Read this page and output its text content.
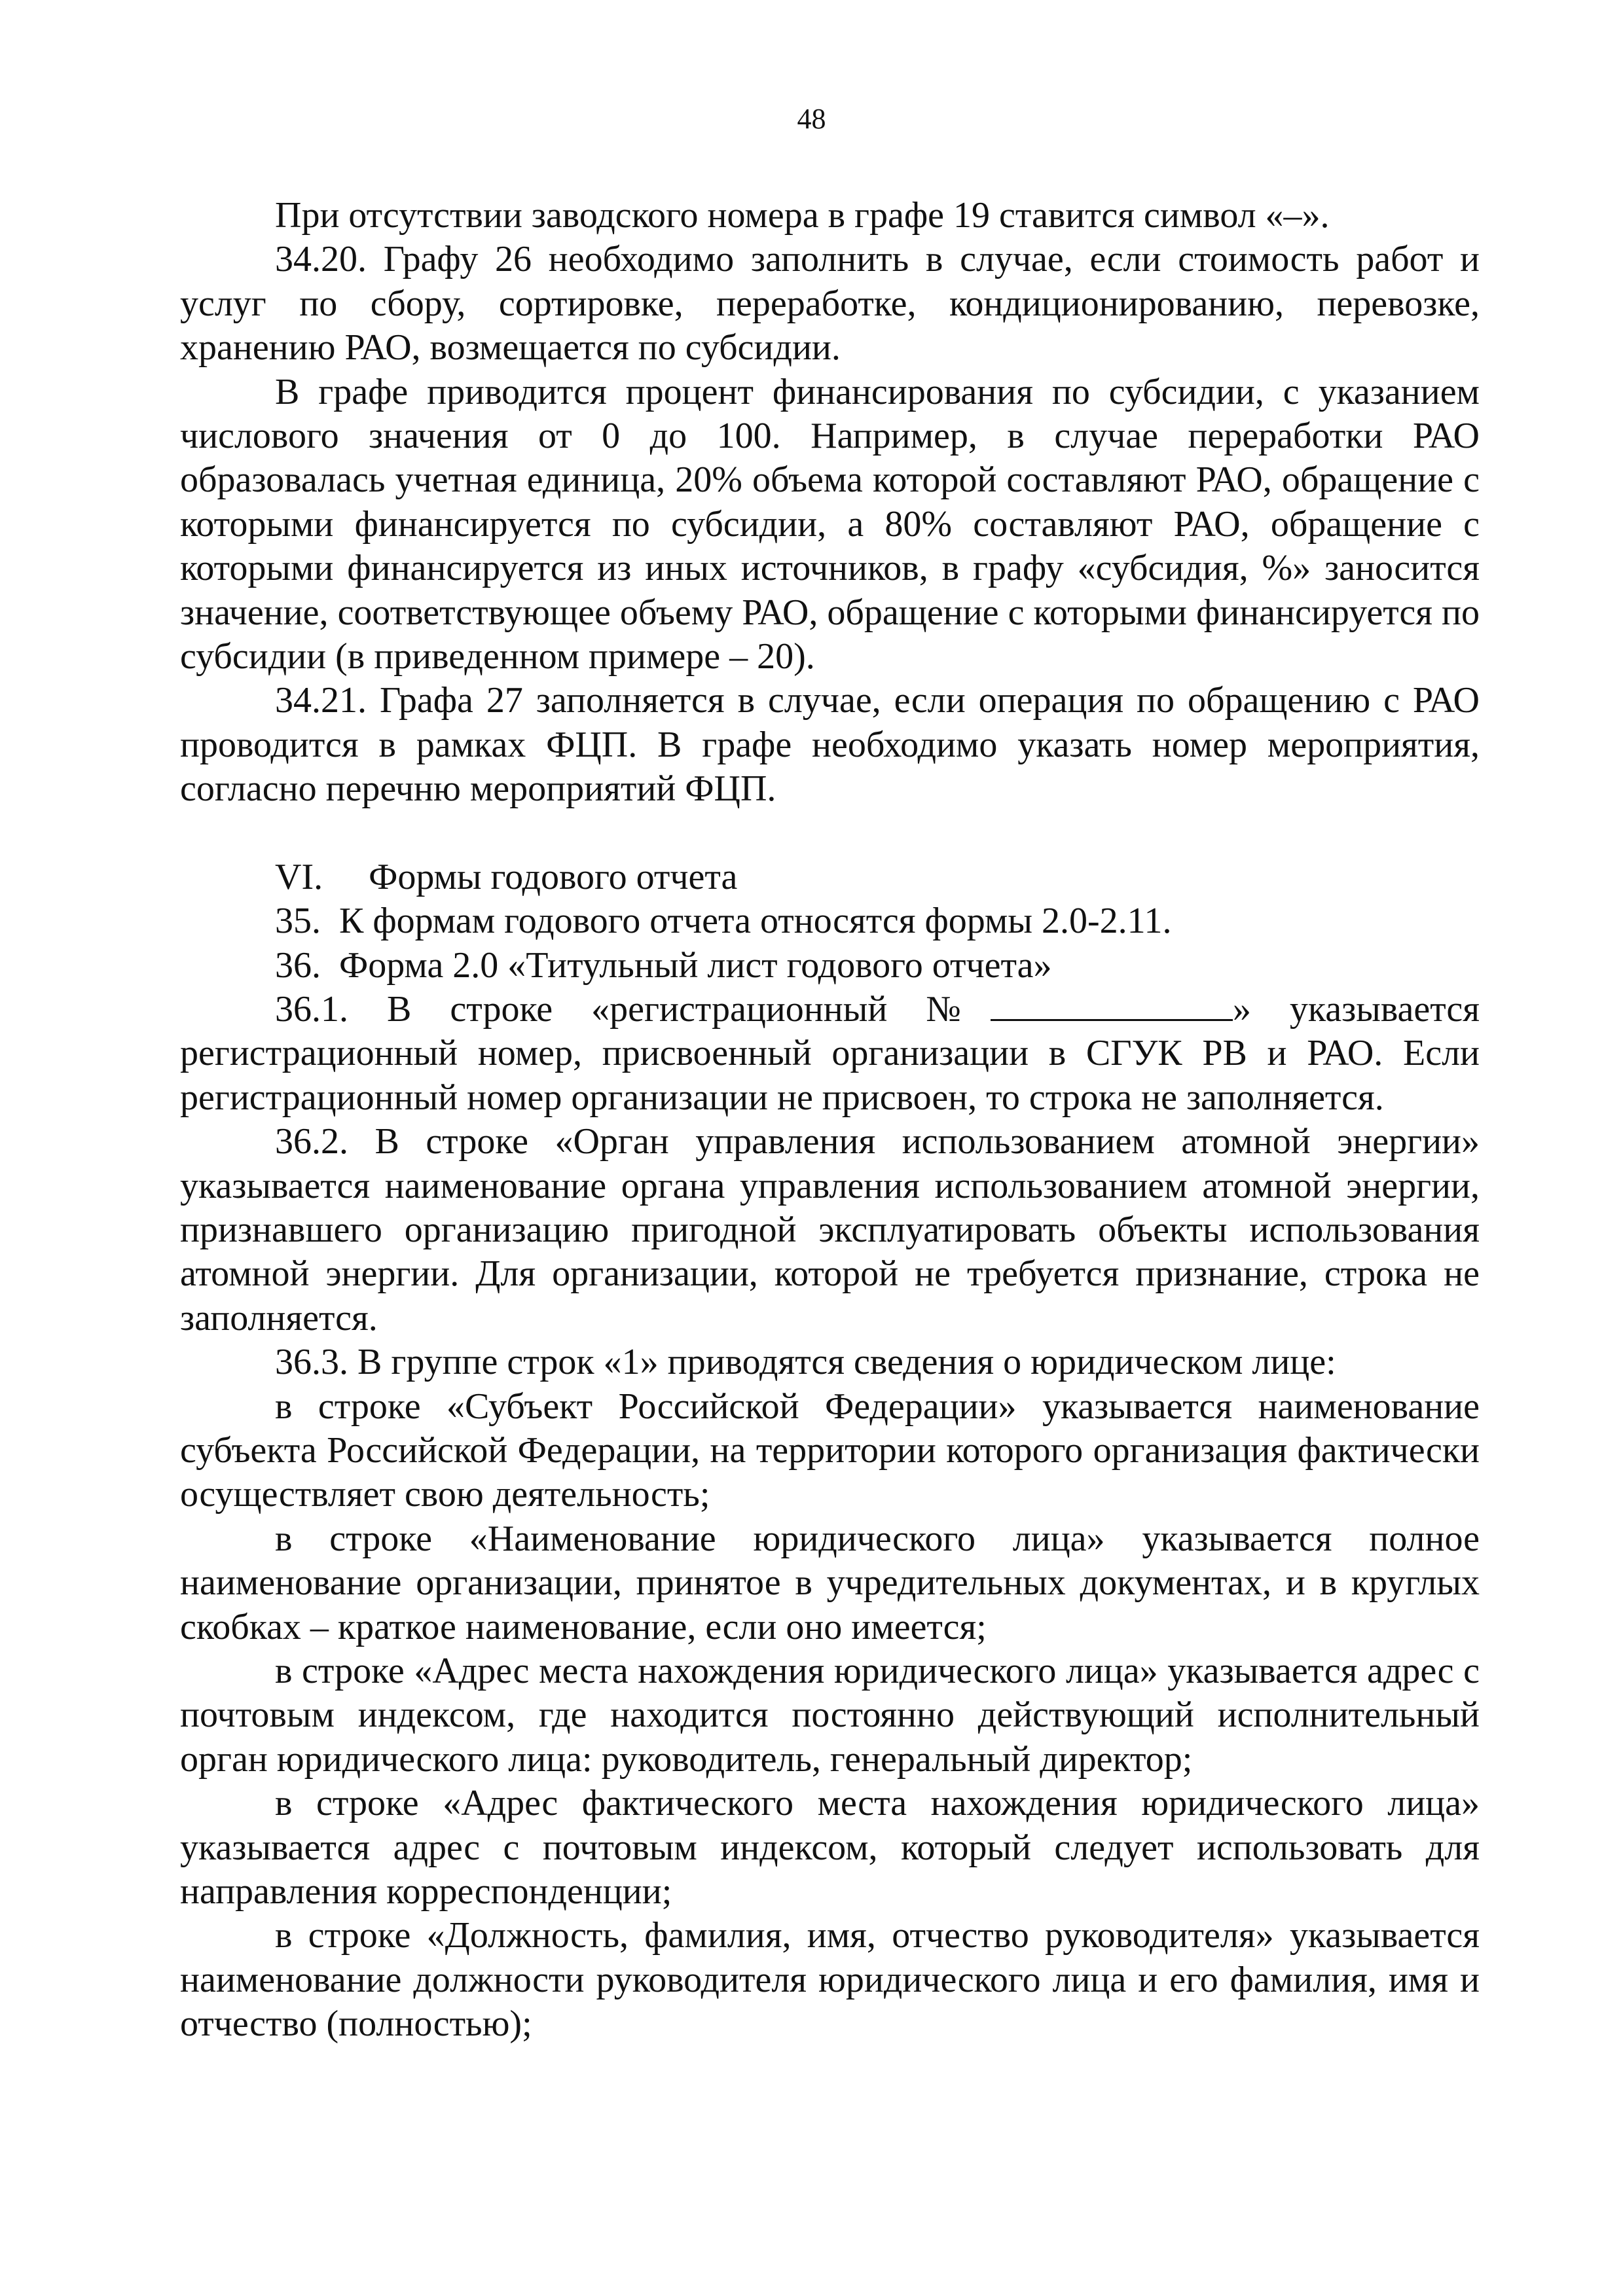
48

При отсутствии заводского номера в графе 19 ставится символ «–».

34.20. Графу 26 необходимо заполнить в случае, если стоимость работ и услуг по сбору, сортировке, переработке, кондиционированию, перевозке, хранению РАО, возмещается по субсидии.

В графе приводится процент финансирования по субсидии, с указанием числового значения от 0 до 100. Например, в случае переработки РАО образовалась учетная единица, 20% объема которой составляют РАО, обращение с которыми финансируется по субсидии, а 80% составляют РАО, обращение с которыми финансируется из иных источников, в графу «субсидия, %» заносится значение, соответствующее объему РАО, обращение с которыми финансируется по субсидии (в приведенном примере – 20).

34.21. Графа 27 заполняется в случае, если операция по обращению с РАО проводится в рамках ФЦП. В графе необходимо указать номер мероприятия, согласно перечню мероприятий ФЦП.

VI.     Формы годового отчета

35.  К формам годового отчета относятся формы 2.0-2.11.

36.  Форма 2.0 «Титульный лист годового отчета»

36.1. В строке «регистрационный №	» указывается регистрационный номер, присвоенный организации в СГУК РВ и РАО. Если регистрационный номер организации не присвоен, то строка не заполняется.

36.2. В строке «Орган управления использованием атомной энергии» указывается наименование органа управления использованием атомной энергии, признавшего организацию пригодной эксплуатировать объекты использования атомной энергии. Для организации, которой не требуется признание, строка не заполняется.

36.3. В группе строк «1» приводятся сведения о юридическом лице:

в строке «Субъект Российской Федерации» указывается наименование субъекта Российской Федерации, на территории которого организация фактически осуществляет свою деятельность;

в строке «Наименование юридического лица» указывается полное наименование организации, принятое в учредительных документах, и в круглых скобках – краткое наименование, если оно имеется;

в строке «Адрес места нахождения юридического лица» указывается адрес с почтовым индексом, где находится постоянно действующий исполнительный орган юридического лица: руководитель, генеральный директор;

в строке «Адрес фактического места нахождения юридического лица» указывается адрес с почтовым индексом, который следует использовать для направления корреспонденции;

в строке «Должность, фамилия, имя, отчество руководителя» указывается наименование должности руководителя юридического лица и его фамилия, имя и отчество (полностью);
